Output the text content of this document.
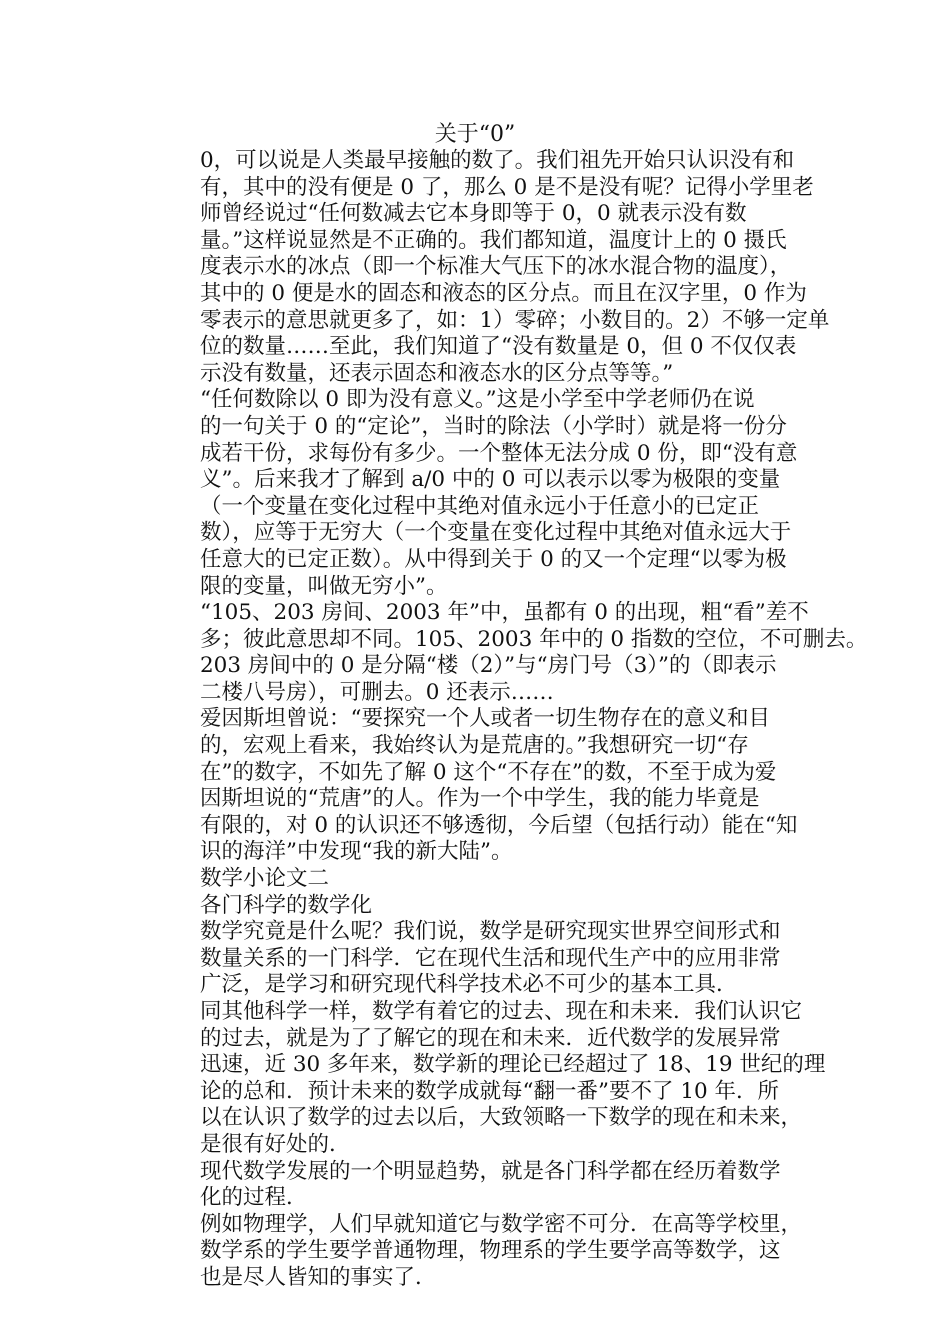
关于“0”
0，可以说是人类最早接触的数了。我们祖先开始只认识没有和
有，其中的没有便是 0 了，那么 0 是不是没有呢？记得小学里老
师曾经说过“任何数减去它本身即等于 0，0 就表示没有数
量。”这样说显然是不正确的。我们都知道，温度计上的 0 摄氏
度表示水的冰点（即一个标准大气压下的冰水混合物的温度），
其中的 0 便是水的固态和液态的区分点。而且在汉字里，0 作为
零表示的意思就更多了，如：1）零碎；小数目的。2）不够一定单
位的数量……至此，我们知道了“没有数量是 0，但 0 不仅仅表
示没有数量，还表示固态和液态水的区分点等等。”
“任何数除以 0 即为没有意义。”这是小学至中学老师仍在说
的一句关于 0 的“定论”，当时的除法（小学时）就是将一份分
成若干份，求每份有多少。一个整体无法分成 0 份，即“没有意
义”。后来我才了解到 a/0 中的 0 可以表示以零为极限的变量
（一个变量在变化过程中其绝对值永远小于任意小的已定正
数），应等于无穷大（一个变量在变化过程中其绝对值永远大于
任意大的已定正数）。从中得到关于 0 的又一个定理“以零为极
限的变量，叫做无穷小”。
“105、203 房间、2003 年”中，虽都有 0 的出现，粗“看”差不
多；彼此意思却不同。105、2003 年中的 0 指数的空位，不可删去。
203 房间中的 0 是分隔“楼（2）”与“房门号（3）”的（即表示
二楼八号房），可删去。0 还表示……
爱因斯坦曾说：“要探究一个人或者一切生物存在的意义和目
的，宏观上看来，我始终认为是荒唐的。”我想研究一切“存
在”的数字，不如先了解 0 这个“不存在”的数，不至于成为爱
因斯坦说的“荒唐”的人。作为一个中学生，我的能力毕竟是
有限的，对 0 的认识还不够透彻，今后望（包括行动）能在“知
识的海洋”中发现“我的新大陆”。
数学小论文二
各门科学的数学化
数学究竟是什么呢？我们说，数学是研究现实世界空间形式和
数量关系的一门科学．它在现代生活和现代生产中的应用非常
广泛，是学习和研究现代科学技术必不可少的基本工具．
同其他科学一样，数学有着它的过去、现在和未来．我们认识它
的过去，就是为了了解它的现在和未来．近代数学的发展异常
迅速，近 30 多年来，数学新的理论已经超过了 18、19 世纪的理
论的总和．预计未来的数学成就每“翻一番”要不了 10 年．所
以在认识了数学的过去以后，大致领略一下数学的现在和未来，
是很有好处的．
现代数学发展的一个明显趋势，就是各门科学都在经历着数学
化的过程．
例如物理学，人们早就知道它与数学密不可分．在高等学校里，
数学系的学生要学普通物理，物理系的学生要学高等数学，这
也是尽人皆知的事实了．
